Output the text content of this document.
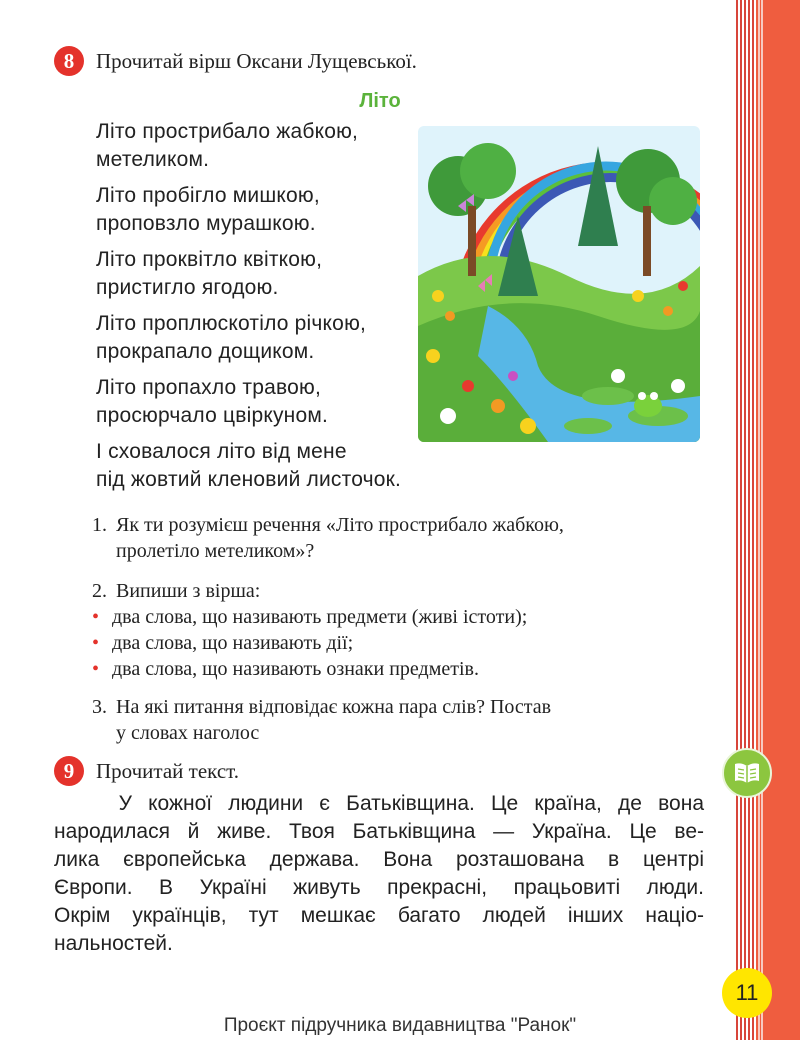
8	Прочитай вірш Оксани Лущевської.
Літо
Літо прострибало жабкою,
метеликом.
Літо пробігло мишкою,
проповзло мурашкою.
Літо проквітло квіткою,
пристигло ягодою.
Літо проплюскотіло річкою,
прокрапало дощиком.
Літо пропахло травою,
просюрчало цвіркуном.
І сховалося літо від мене
під жовтий кленовий листочок.
1. Як ти розумієш речення «Літо прострибало жабкою,
пролетіло метеликом»?
2. Випиши з вірша:
• два слова, що називають предмети (живі істоти);
• два слова, що називають дії;
• два слова, що називають ознаки предметів.
3. На які питання відповідає кожна пара слів? Постав
у словах наголос
9	Прочитай текст.
У кожної людини є Батьківщина. Це країна, де вона
народилася й живе. Твоя Батьківщина — Україна. Це ве-
лика європейська держава. Вона розташована в центрі
Європи. В Україні живуть прекрасні, працьовиті люди.
Окрім українців, тут мешкає багато людей інших націо-
нальностей.
11
Проєкт підручника видавництва "Ранок"
